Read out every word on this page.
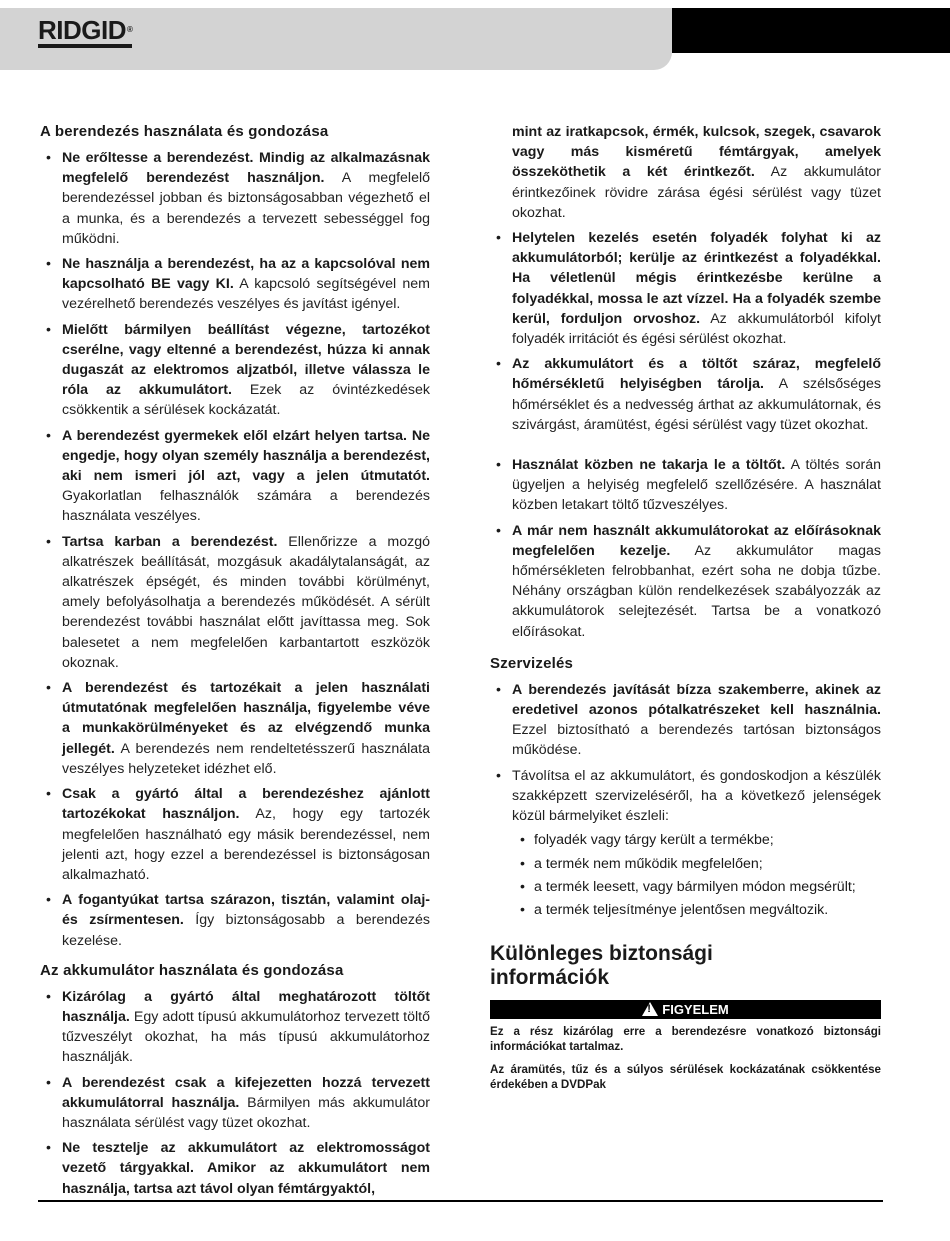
RIDGID®
A berendezés használata és gondozása
• Ne erőltesse a berendezést. Mindig az alkalmazásnak megfelelő berendezést használjon. A megfelelő berendezéssel jobban és biztonságosabban végezhető el a munka, és a berendezés a tervezett sebességgel fog működni.
• Ne használja a berendezést, ha az a kapcsolóval nem kapcsolható BE vagy KI. A kapcsoló segítségével nem vezérelhető berendezés veszélyes és javítást igényel.
• Mielőtt bármilyen beállítást végezne, tartozékot cserélne, vagy eltenné a berendezést, húzza ki annak dugaszát az elektromos aljzatból, illetve válassza le róla az akkumulátort. Ezek az óvintézkedések csökkentik a sérülések kockázatát.
• A berendezést gyermekek elől elzárt helyen tartsa. Ne engedje, hogy olyan személy használja a berendezést, aki nem ismeri jól azt, vagy a jelen útmutatót. Gyakorlatlan felhasználók számára a berendezés használata veszélyes.
• Tartsa karban a berendezést. Ellenőrizze a mozgó alkatrészek beállítását, mozgásuk akadálytalanságát, az alkatrészek épségét, és minden további körülményt, amely befolyásolhatja a berendezés működését. A sérült berendezést további használat előtt javíttassa meg. Sok balesetet a nem megfelelően karbantartott eszközök okoznak.
• A berendezést és tartozékait a jelen használati útmutatónak megfelelően használja, figyelembe véve a munkakörülményeket és az elvégzendő munka jellegét. A berendezés nem rendeltetésszerű használata veszélyes helyzeteket idézhet elő.
• Csak a gyártó által a berendezéshez ajánlott tartozékokat használjon. Az, hogy egy tartozék megfelelően használható egy másik berendezéssel, nem jelenti azt, hogy ezzel a berendezéssel is biztonságosan alkalmazható.
• A fogantyúkat tartsa szárazon, tisztán, valamint olaj- és zsírmentesen. Így biztonságosabb a berendezés kezelése.
Az akkumulátor használata és gondozása
• Kizárólag a gyártó által meghatározott töltőt használja. Egy adott típusú akkumulátorhoz tervezett töltő tűzveszélyt okozhat, ha más típusú akkumulátorhoz használják.
• A berendezést csak a kifejezetten hozzá tervezett akkumulátorral használja. Bármilyen más akkumulátor használata sérülést vagy tüzet okozhat.
• Ne tesztelje az akkumulátort az elektromosságot vezető tárgyakkal. Amikor az akkumulátort nem használja, tartsa azt távol olyan fémtárgyaktól,
mint az iratkapcsok, érmék, kulcsok, szegek, csavarok vagy más kisméretű fémtárgyak, amelyek összeköthetik a két érintkezőt. Az akkumulátor érintkezőinek rövidre zárása égési sérülést vagy tüzet okozhat.
• Helytelen kezelés esetén folyadék folyhat ki az akkumulátorból; kerülje az érintkezést a folyadékkal. Ha véletlenül mégis érintkezésbe kerülne a folyadékkal, mossa le azt vízzel. Ha a folyadék szembe kerül, forduljon orvoshoz. Az akkumulátorból kifolyt folyadék irritációt és égési sérülést okozhat.
• Az akkumulátort és a töltőt száraz, megfelelő hőmérsékletű helyiségben tárolja. A szélsőséges hőmérséklet és a nedvesség árthat az akkumulátornak, és szivárgást, áramütést, égési sérülést vagy tüzet okozhat.
• Használat közben ne takarja le a töltőt. A töltés során ügyeljen a helyiség megfelelő szellőzésére. A használat közben letakart töltő tűzveszélyes.
• A már nem használt akkumulátorokat az előírásoknak megfelelően kezelje. Az akkumulátor magas hőmérsékleten felrobbanhat, ezért soha ne dobja tűzbe. Néhány országban külön rendelkezések szabályozzák az akkumulátorok selejtezését. Tartsa be a vonatkozó előírásokat.
Szervizelés
• A berendezés javítását bízza szakemberre, akinek az eredetivel azonos pótalkatrészeket kell használnia. Ezzel biztosítható a berendezés tartósan biztonságos működése.
• Távolítsa el az akkumulátort, és gondoskodjon a készülék szakképzett szervizeléséről, ha a következő jelenségek közül bármelyiket észleli:
• folyadék vagy tárgy került a termékbe;
• a termék nem működik megfelelően;
• a termék leesett, vagy bármilyen módon megsérült;
• a termék teljesítménye jelentősen megváltozik.
Különleges biztonsági
információk
!FIGYELEM
Ez a rész kizárólag erre a berendezésre vonatkozó biztonsági információkat tartalmaz.
Az áramütés, tűz és a súlyos sérülések kockázatának csökkentése érdekében a DVDPak
